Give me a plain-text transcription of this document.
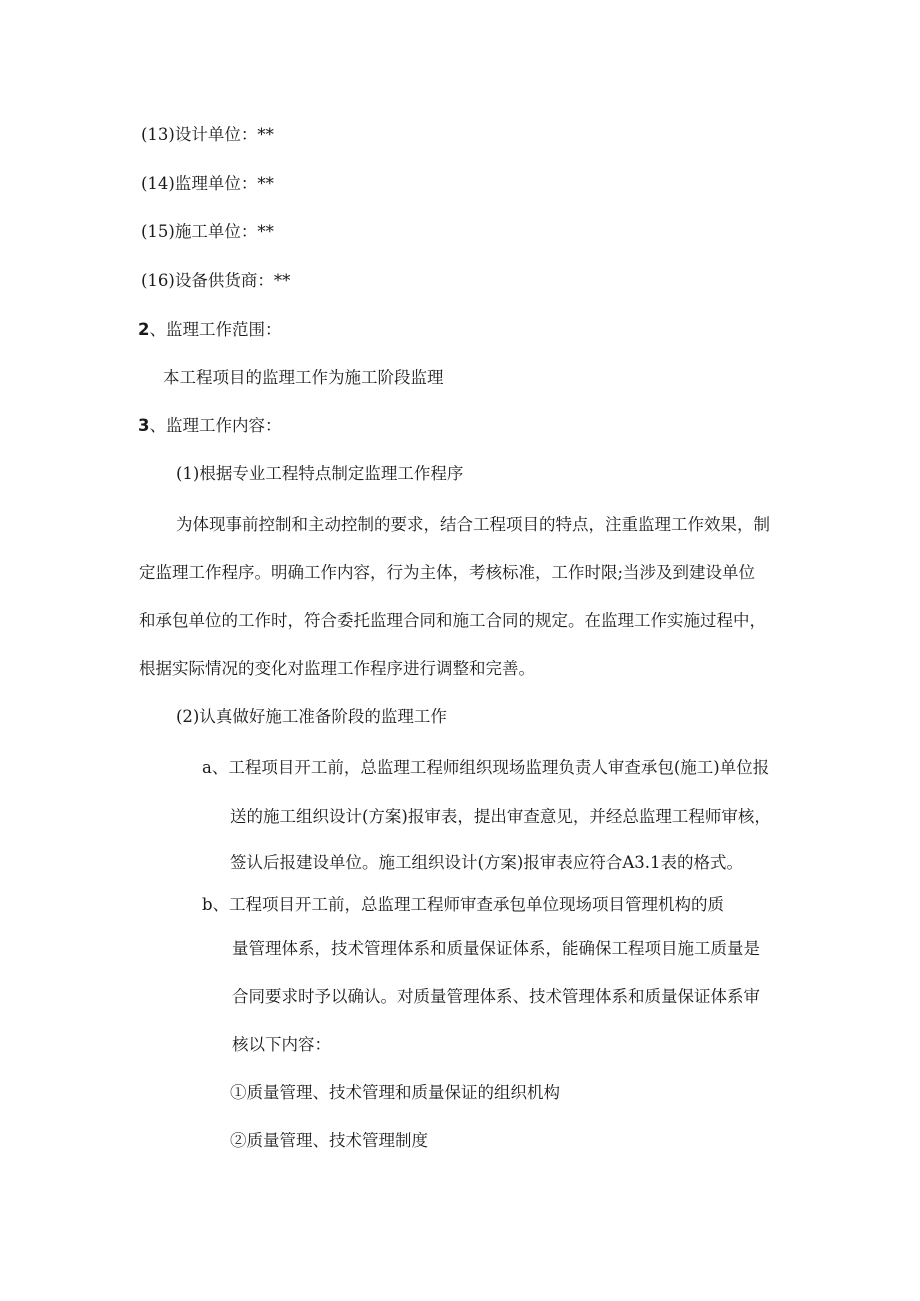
(13)设计单位：**

(14)监理单位：**

(15)施工单位：**

(16)设备供货商：**

2、监理工作范围：

本工程项目的监理工作为施工阶段监理

3、监理工作内容：

(1)根据专业工程特点制定监理工作程序

为体现事前控制和主动控制的要求，结合工程项目的特点，注重监理工作效果，制

定监理工作程序。明确工作内容，行为主体，考核标准，工作时限;当涉及到建设单位

和承包单位的工作时，符合委托监理合同和施工合同的规定。在监理工作实施过程中，

根据实际情况的变化对监理工作程序进行调整和完善。

(2)认真做好施工准备阶段的监理工作

a、工程项目开工前，总监理工程师组织现场监理负责人审查承包(施工)单位报

送的施工组织设计(方案)报审表，提出审查意见，并经总监理工程师审核，

签认后报建设单位。施工组织设计(方案)报审表应符合A3.1表的格式。

b、工程项目开工前，总监理工程师审查承包单位现场项目管理机构的质

量管理体系，技术管理体系和质量保证体系，能确保工程项目施工质量是

合同要求时予以确认。对质量管理体系、技术管理体系和质量保证体系审

核以下内容：

①质量管理、技术管理和质量保证的组织机构

②质量管理、技术管理制度
